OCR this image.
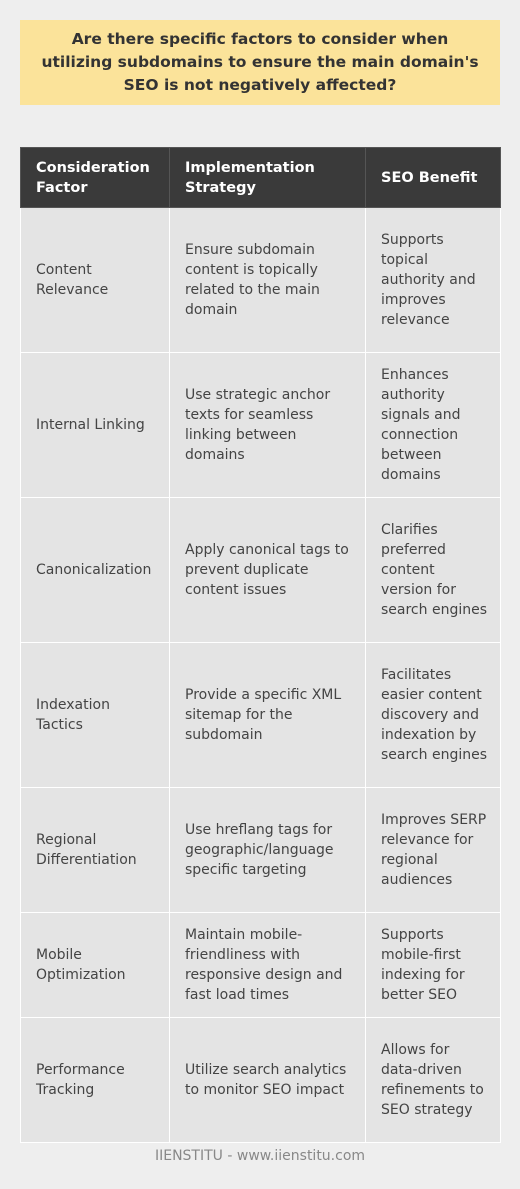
Are there specific factors to consider when utilizing subdomains to ensure the main domain's SEO is not negatively affected?
Consideration Factor	Implementation Strategy	SEO Benefit
Content Relevance	Ensure subdomain content is topically related to the main domain	Supports topical authority and improves relevance
Internal Linking	Use strategic anchor texts for seamless linking between domains	Enhances authority signals and connection between domains
Canonicalization	Apply canonical tags to prevent duplicate content issues	Clarifies preferred content version for search engines
Indexation Tactics	Provide a specific XML sitemap for the subdomain	Facilitates easier content discovery and indexation by search engines
Regional Differentiation	Use hreflang tags for geographic/language specific targeting	Improves SERP relevance for regional audiences
Mobile Optimization	Maintain mobile-friendliness with responsive design and fast load times	Supports mobile-first indexing for better SEO
Performance Tracking	Utilize search analytics to monitor SEO impact	Allows for data-driven refinements to SEO strategy
IIENSTITU - www.iienstitu.com
